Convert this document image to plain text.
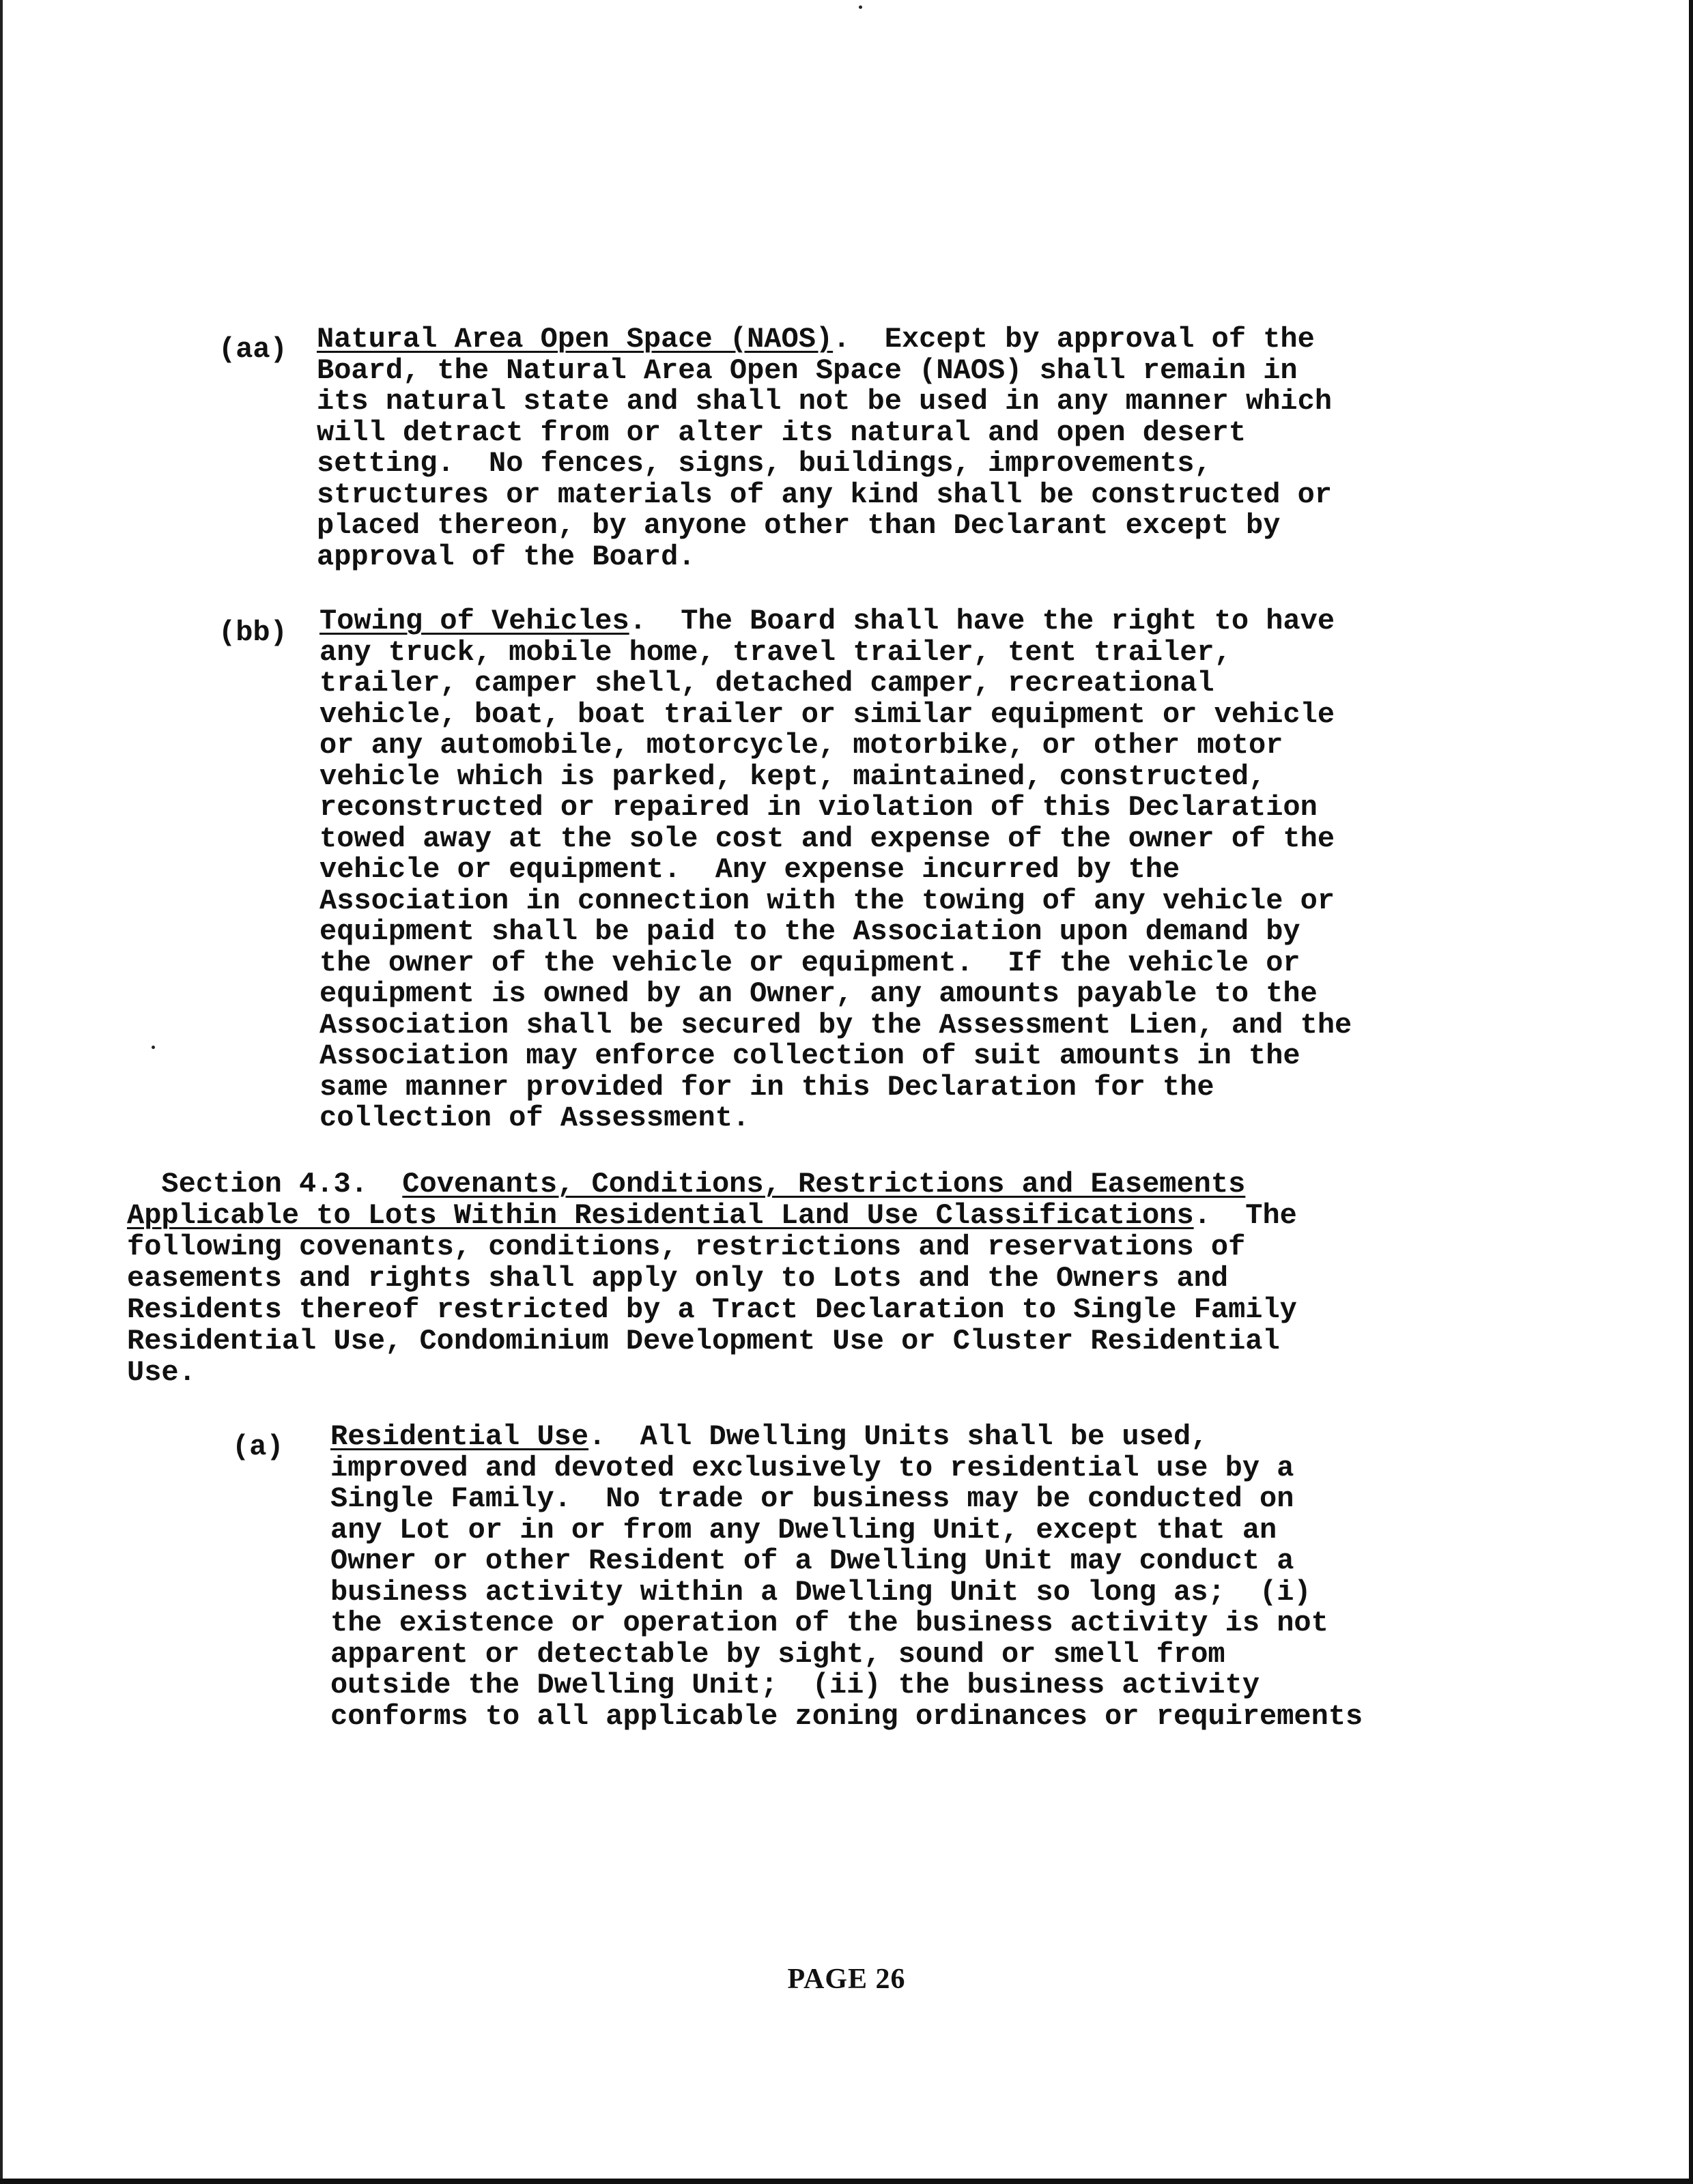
(aa) Natural Area Open Space (NAOS).  Except by approval of the
Board, the Natural Area Open Space (NAOS) shall remain in
its natural state and shall not be used in any manner which
will detract from or alter its natural and open desert
setting.  No fences, signs, buildings, improvements,
structures or materials of any kind shall be constructed or
placed thereon, by anyone other than Declarant except by
approval of the Board.
(bb) Towing of Vehicles.  The Board shall have the right to have
any truck, mobile home, travel trailer, tent trailer,
trailer, camper shell, detached camper, recreational
vehicle, boat, boat trailer or similar equipment or vehicle
or any automobile, motorcycle, motorbike, or other motor
vehicle which is parked, kept, maintained, constructed,
reconstructed or repaired in violation of this Declaration
towed away at the sole cost and expense of the owner of the
vehicle or equipment.  Any expense incurred by the
Association in connection with the towing of any vehicle or
equipment shall be paid to the Association upon demand by
the owner of the vehicle or equipment.  If the vehicle or
equipment is owned by an Owner, any amounts payable to the
Association shall be secured by the Assessment Lien, and the
Association may enforce collection of suit amounts in the
same manner provided for in this Declaration for the
collection of Assessment.
Section 4.3. Covenants, Conditions, Restrictions and Easements
Applicable to Lots Within Residential Land Use Classifications.  The
following covenants, conditions, restrictions and reservations of
easements and rights shall apply only to Lots and the Owners and
Residents thereof restricted by a Tract Declaration to Single Family
Residential Use, Condominium Development Use or Cluster Residential
Use.
(a) Residential Use.  All Dwelling Units shall be used,
improved and devoted exclusively to residential use by a
Single Family.  No trade or business may be conducted on
any Lot or in or from any Dwelling Unit, except that an
Owner or other Resident of a Dwelling Unit may conduct a
business activity within a Dwelling Unit so long as;  (i)
the existence or operation of the business activity is not
apparent or detectable by sight, sound or smell from
outside the Dwelling Unit;  (ii) the business activity
conforms to all applicable zoning ordinances or requirements
PAGE 26
